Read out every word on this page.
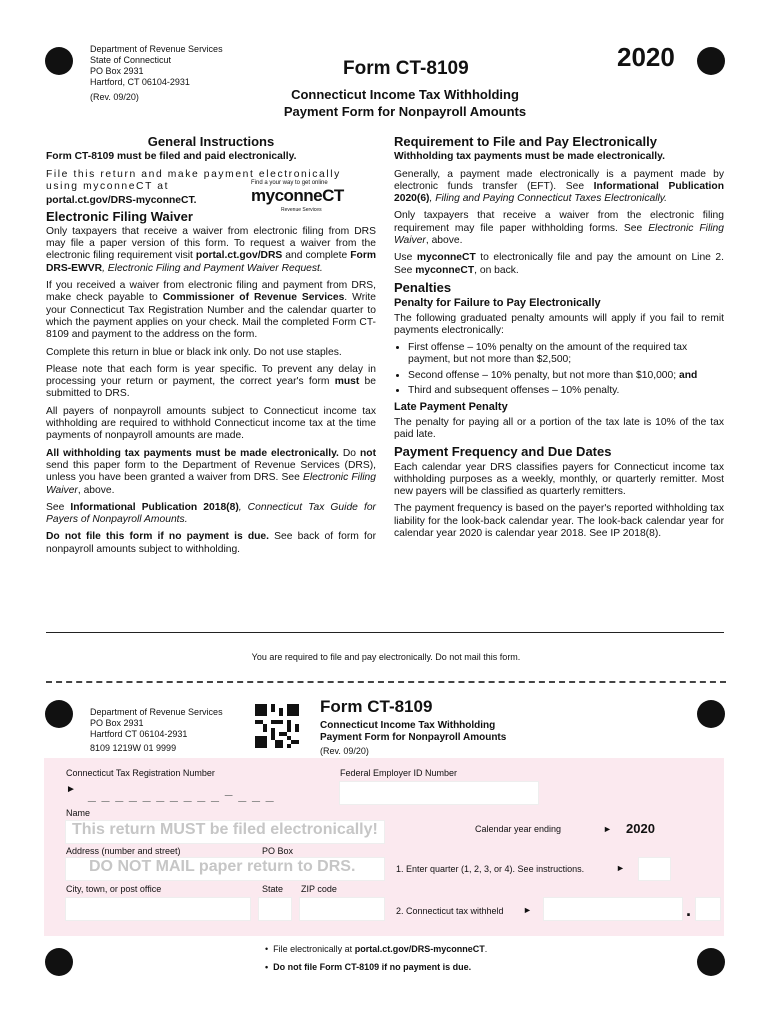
Department of Revenue Services
State of Connecticut
PO Box 2931
Hartford, CT 06104-2931
(Rev. 09/20)
Form CT-8109	2020
Connecticut Income Tax Withholding
Payment Form for Nonpayroll Amounts
General Instructions

Form CT-8109 must be filed and paid electronically.

File this return and make payment electronically using myconneCT at
portal.ct.gov/DRS-myconneCT.
Find a your way to get online
myconneCT
Revenue Services
Electronic Filing Waiver

Only taxpayers that receive a waiver from electronic filing from DRS may file a paper version of this form. To request a waiver from the electronic filing requirement visit portal.ct.gov/DRS and complete Form DRS-EWVR, Electronic Filing and Payment Waiver Request.

If you received a waiver from electronic filing and payment from DRS, make check payable to Commissioner of Revenue Services. Write your Connecticut Tax Registration Number and the calendar quarter to which the payment applies on your check. Mail the completed Form CT-8109 and payment to the address on the form.

Complete this return in blue or black ink only. Do not use staples.

Please note that each form is year specific. To prevent any delay in processing your return or payment, the correct year's form must be submitted to DRS.

All payers of nonpayroll amounts subject to Connecticut income tax withholding are required to withhold Connecticut income tax at the time payments of nonpayroll amounts are made.

All withholding tax payments must be made electronically. Do not send this paper form to the Department of Revenue Services (DRS), unless you have been granted a waiver from DRS. See Electronic Filing Waiver, above.

See Informational Publication 2018(8), Connecticut Tax Guide for Payers of Nonpayroll Amounts.

Do not file this form if no payment is due. See back of form for nonpayroll amounts subject to withholding.

Requirement to File and Pay Electronically

Withholding tax payments must be made electronically.

Generally, a payment made electronically is a payment made by electronic funds transfer (EFT). See Informational Publication 2020(6), Filing and Paying Connecticut Taxes Electronically.

Only taxpayers that receive a waiver from the electronic filing requirement may file paper withholding forms. See Electronic Filing Waiver, above.

Use myconneCT to electronically file and pay the amount on Line 2. See myconneCT, on back.

Penalties
Penalty for Failure to Pay Electronically

The following graduated penalty amounts will apply if you fail to remit payments electronically:

• First offense – 10% penalty on the amount of the required tax payment, but not more than $2,500;
• Second offense – 10% penalty, but not more than $10,000; and
• Third and subsequent offenses – 10% penalty.
Late Payment Penalty

The penalty for paying all or a portion of the tax late is 10% of the tax paid late.

Payment Frequency and Due Dates

Each calendar year DRS classifies payers for Connecticut income tax withholding purposes as a weekly, monthly, or quarterly remitter. Most new payers will be classified as quarterly remitters.

The payment frequency is based on the payer's reported withholding tax liability for the look-back calendar year. The look-back calendar year for calendar year 2020 is calendar year 2018. See IP 2018(8).

You are required to file and pay electronically. Do not mail this form.
Department of Revenue Services
PO Box 2931
Hartford CT 06104-2931
8109 1219W 01 9999
Form CT-8109
Connecticut Income Tax Withholding
Payment Form for Nonpayroll Amounts
(Rev. 09/20)
Connecticut Tax Registration Number	Federal Employer ID Number
► _ _ _ _ _ _ _ _ _ _ – _ _ _
Name
This return MUST be filed electronically!	Calendar year ending	► 2020
Address (number and street)	PO Box
DO NOT MAIL paper return to DRS.	1. Enter quarter (1, 2, 3, or 4). See instructions.	►
City, town, or post office	State ZIP code
2. Connecticut tax withheld ►	.
•  File electronically at portal.ct.gov/DRS-myconneCT.
•  Do not file Form CT-8109 if no payment is due.
